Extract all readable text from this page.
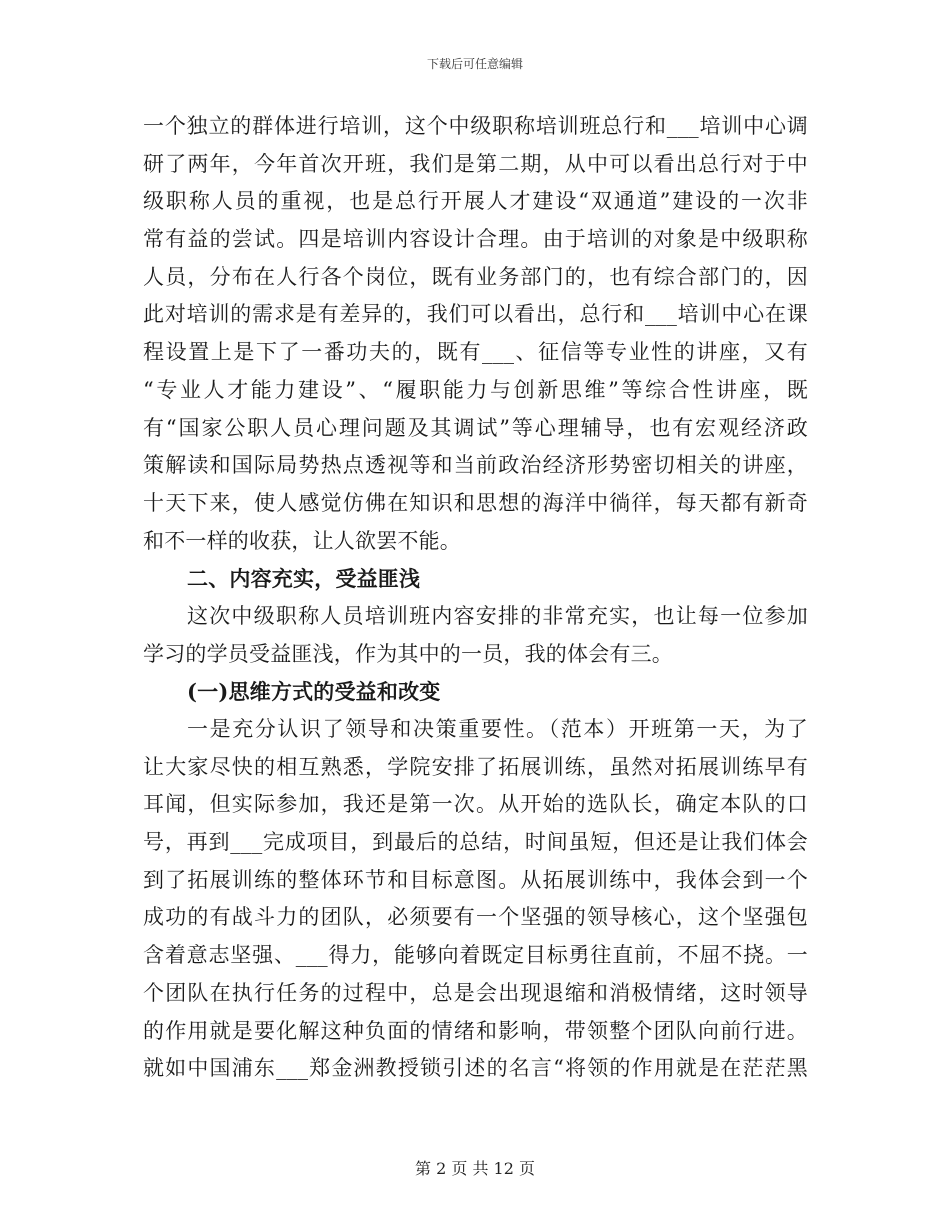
下载后可任意编辑
一个独立的群体进行培训，这个中级职称培训班总行和___培训中心调
研了两年，今年首次开班，我们是第二期，从中可以看出总行对于中
级职称人员的重视，也是总行开展人才建设“双通道”建设的一次非
常有益的尝试。四是培训内容设计合理。由于培训的对象是中级职称
人员，分布在人行各个岗位，既有业务部门的，也有综合部门的，因
此对培训的需求是有差异的，我们可以看出，总行和___培训中心在课
程设置上是下了一番功夫的，既有___、征信等专业性的讲座，又有
“专业人才能力建设”、“履职能力与创新思维”等综合性讲座，既
有“国家公职人员心理问题及其调试”等心理辅导，也有宏观经济政
策解读和国际局势热点透视等和当前政治经济形势密切相关的讲座，
十天下来，使人感觉仿佛在知识和思想的海洋中徜徉，每天都有新奇
和不一样的收获，让人欲罢不能。
二、内容充实，受益匪浅
这次中级职称人员培训班内容安排的非常充实，也让每一位参加
学习的学员受益匪浅，作为其中的一员，我的体会有三。
(一)思维方式的受益和改变
一是充分认识了领导和决策重要性。（范本）开班第一天，为了
让大家尽快的相互熟悉，学院安排了拓展训练，虽然对拓展训练早有
耳闻，但实际参加，我还是第一次。从开始的选队长，确定本队的口
号，再到___完成项目，到最后的总结，时间虽短，但还是让我们体会
到了拓展训练的整体环节和目标意图。从拓展训练中，我体会到一个
成功的有战斗力的团队，必须要有一个坚强的领导核心，这个坚强包
含着意志坚强、___得力，能够向着既定目标勇往直前，不屈不挠。一
个团队在执行任务的过程中，总是会出现退缩和消极情绪，这时领导
的作用就是要化解这种负面的情绪和影响，带领整个团队向前行进。
就如中国浦东___郑金洲教授锁引述的名言“将领的作用就是在茫茫黑
第 2 页 共 12 页
